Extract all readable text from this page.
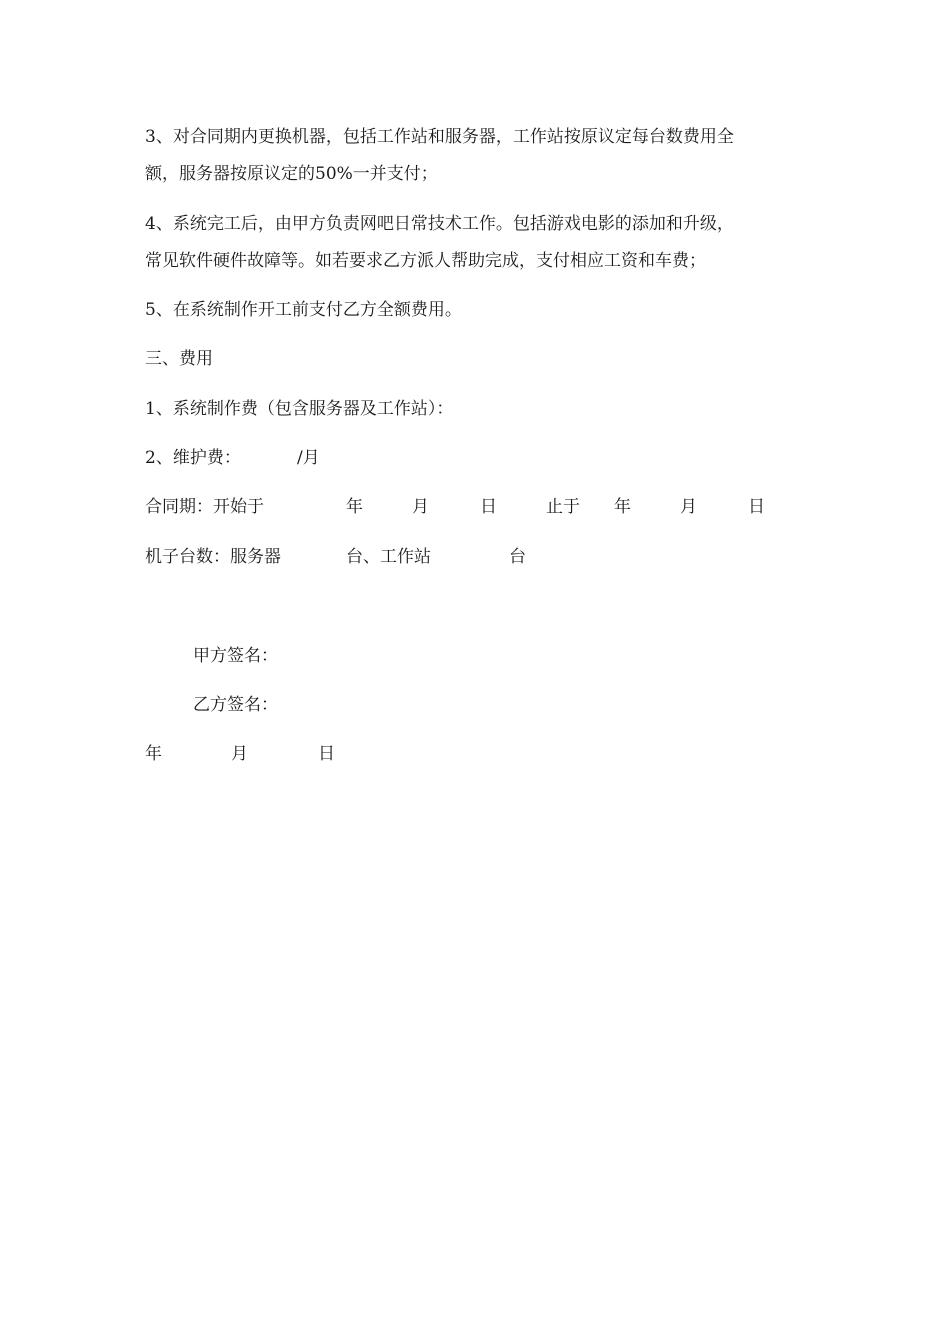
3、对合同期内更换机器，包括工作站和服务器，工作站按原议定每台数费用全
额，服务器按原议定的50%一并支付；
4、系统完工后，由甲方负责网吧日常技术工作。包括游戏电影的添加和升级，
常见软件硬件故障等。如若要求乙方派人帮助完成，支付相应工资和车费；
5、在系统制作开工前支付乙方全额费用。
三、费用
1、系统制作费（包含服务器及工作站）：
2、维护费：	/月
合同期：开始于	年	月	日	止于 年	月	日
机子台数：服务器	台、工作站	台
甲方签名：
乙方签名：
年	月	日
